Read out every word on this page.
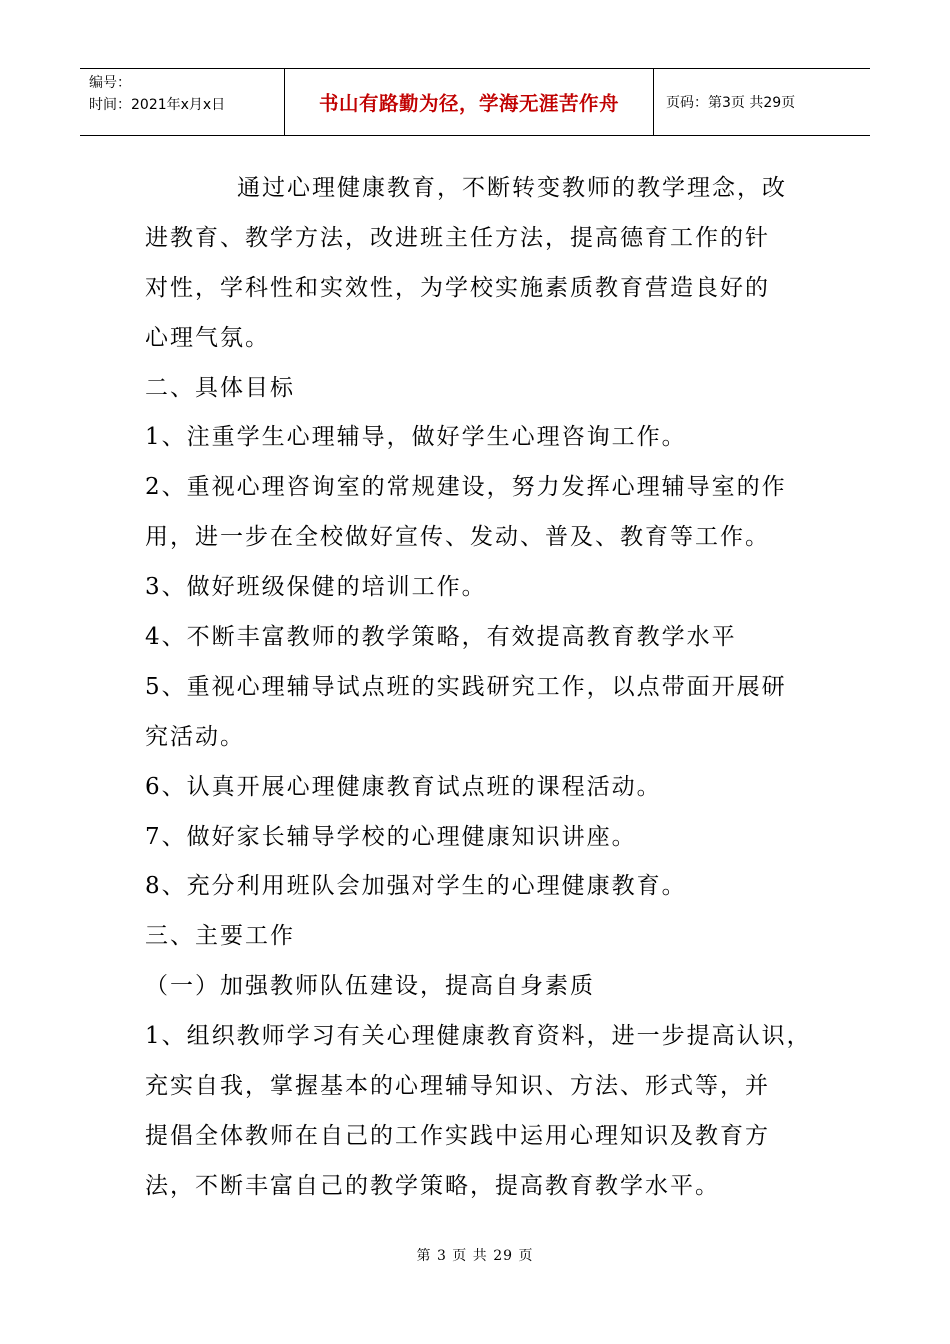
编号：
时间：2021年x月x日	书山有路勤为径，学海无涯苦作舟	页码：第3页 共29页
通过心理健康教育，不断转变教师的教学理念，改
进教育、教学方法，改进班主任方法，提高德育工作的针
对性，学科性和实效性，为学校实施素质教育营造良好的
心理气氛。
二、具体目标
1、注重学生心理辅导，做好学生心理咨询工作。
2、重视心理咨询室的常规建设，努力发挥心理辅导室的作
用，进一步在全校做好宣传、发动、普及、教育等工作。
3、做好班级保健的培训工作。
4、不断丰富教师的教学策略，有效提高教育教学水平
5、重视心理辅导试点班的实践研究工作，以点带面开展研
究活动。
6、认真开展心理健康教育试点班的课程活动。
7、做好家长辅导学校的心理健康知识讲座。
8、充分利用班队会加强对学生的心理健康教育。
三、主要工作
（一）加强教师队伍建设，提高自身素质
1、组织教师学习有关心理健康教育资料，进一步提高认识，
充实自我，掌握基本的心理辅导知识、方法、形式等，并
提倡全体教师在自己的工作实践中运用心理知识及教育方
法，不断丰富自己的教学策略，提高教育教学水平。
第 3 页 共 29 页
